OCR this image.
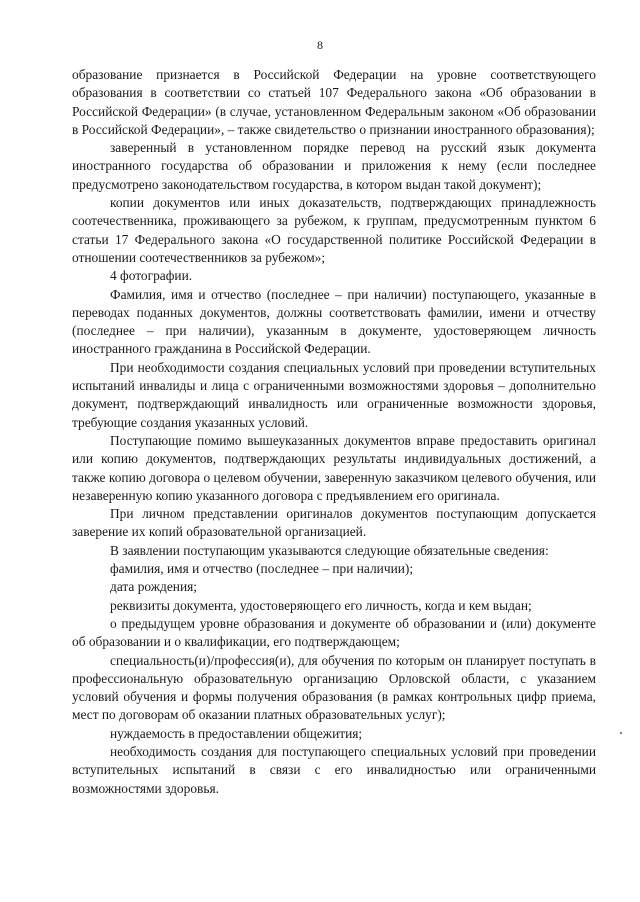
8

образование признается в Российской Федерации на уровне соответствующего образования в соответствии со статьей 107 Федерального закона «Об образовании в Российской Федерации» (в случае, установленном Федеральным законом «Об образовании в Российской Федерации», – также свидетельство о признании иностранного образования);

заверенный в установленном порядке перевод на русский язык документа иностранного государства об образовании и приложения к нему (если последнее предусмотрено законодательством государства, в котором выдан такой документ);

копии документов или иных доказательств, подтверждающих принадлежность соотечественника, проживающего за рубежом, к группам, предусмотренным пунктом 6 статьи 17 Федерального закона «О государственной политике Российской Федерации в отношении соотечественников за рубежом»;

4 фотографии.

Фамилия, имя и отчество (последнее – при наличии) поступающего, указанные в переводах поданных документов, должны соответствовать фамилии, имени и отчеству (последнее – при наличии), указанным в документе, удостоверяющем личность иностранного гражданина в Российской Федерации.

При необходимости создания специальных условий при проведении вступительных испытаний инвалиды и лица с ограниченными возможностями здоровья – дополнительно документ, подтверждающий инвалидность или ограниченные возможности здоровья, требующие создания указанных условий.

Поступающие помимо вышеуказанных документов вправе предоставить оригинал или копию документов, подтверждающих результаты индивидуальных достижений, а также копию договора о целевом обучении, заверенную заказчиком целевого обучения, или незаверенную копию указанного договора с предъявлением его оригинала.

При личном представлении оригиналов документов поступающим допускается заверение их копий образовательной организацией.

В заявлении поступающим указываются следующие обязательные сведения:

фамилия, имя и отчество (последнее – при наличии);

дата рождения;

реквизиты документа, удостоверяющего его личность, когда и кем выдан;

о предыдущем уровне образования и документе об образовании и (или) документе об образовании и о квалификации, его подтверждающем;

специальность(и)/профессия(и), для обучения по которым он планирует поступать в профессиональную образовательную организацию Орловской области, с указанием условий обучения и формы получения образования (в рамках контрольных цифр приема, мест по договорам об оказании платных образовательных услуг);

нуждаемость в предоставлении общежития;

необходимость создания для поступающего специальных условий при проведении вступительных испытаний в связи с его инвалидностью или ограниченными возможностями здоровья.
